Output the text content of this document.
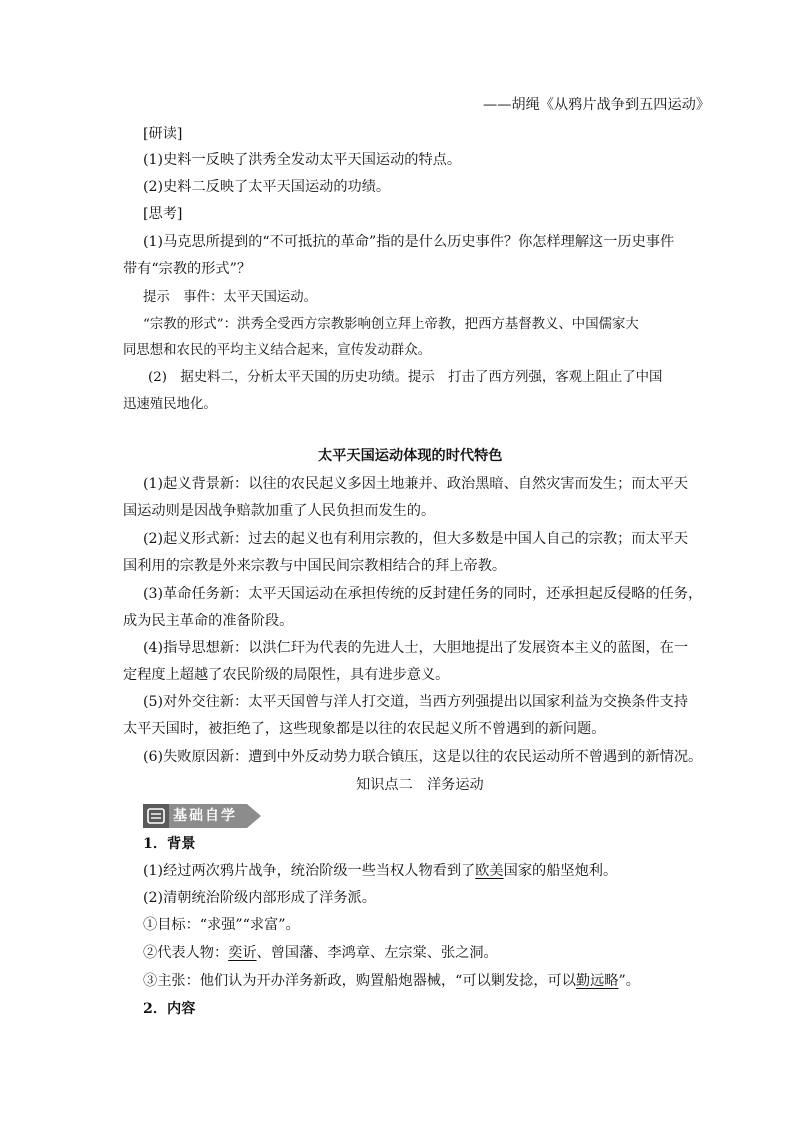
——胡绳《从鸦片战争到五四运动》
[研读]
(1)史料一反映了洪秀全发动太平天国运动的特点。
(2)史料二反映了太平天国运动的功绩。
[思考]
(1)马克思所提到的“不可抵抗的革命”指的是什么历史事件？你怎样理解这一历史事件
带有“宗教的形式”？
提示　事件：太平天国运动。
“宗教的形式”：洪秀全受西方宗教影响创立拜上帝教，把西方基督教义、中国儒家大
同思想和农民的平均主义结合起来，宣传发动群众。
(2)　据史料二，分析太平天国的历史功绩。提示　打击了西方列强，客观上阻止了中国
迅速殖民地化。
太平天国运动体现的时代特色
(1)起义背景新：以往的农民起义多因土地兼并、政治黑暗、自然灾害而发生；而太平天
国运动则是因战争赔款加重了人民负担而发生的。
(2)起义形式新：过去的起义也有利用宗教的，但大多数是中国人自己的宗教；而太平天
国利用的宗教是外来宗教与中国民间宗教相结合的拜上帝教。
(3)革命任务新：太平天国运动在承担传统的反封建任务的同时，还承担起反侵略的任务，
成为民主革命的准备阶段。
(4)指导思想新：以洪仁玕为代表的先进人士，大胆地提出了发展资本主义的蓝图，在一
定程度上超越了农民阶级的局限性，具有进步意义。
(5)对外交往新：太平天国曾与洋人打交道，当西方列强提出以国家利益为交换条件支持
太平天国时，被拒绝了，这些现象都是以往的农民起义所不曾遇到的新问题。
(6)失败原因新：遭到中外反动势力联合镇压，这是以往的农民运动所不曾遇到的新情况。
知识点二　洋务运动
基础自学
1．背景
(1)经过两次鸦片战争，统治阶级一些当权人物看到了欧美国家的船坚炮利。
(2)清朝统治阶级内部形成了洋务派。
①目标：“求强”“求富”。
②代表人物：奕䜣、曾国藩、李鸿章、左宗棠、张之洞。
③主张：他们认为开办洋务新政，购置船炮器械，“可以剿发捻，可以勤远略”。
2．内容
